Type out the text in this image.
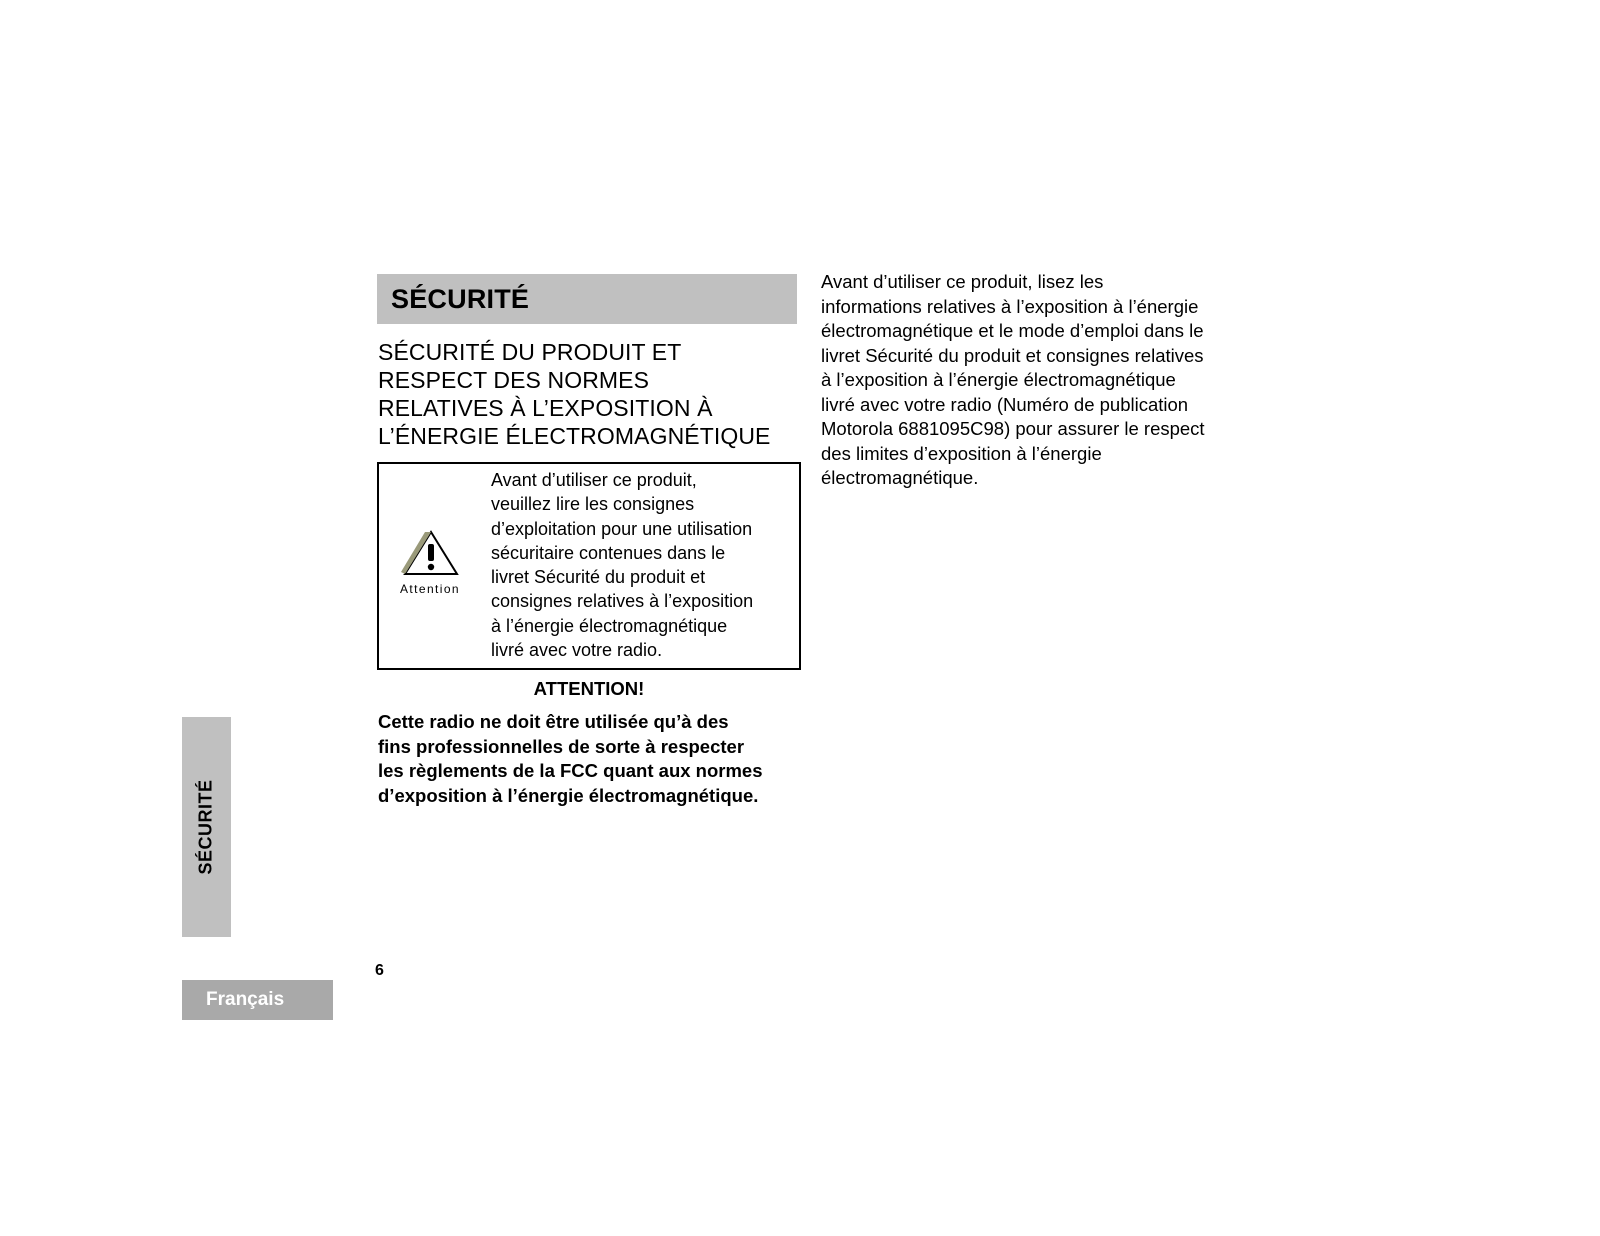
SÉCURITÉ
SÉCURITÉ DU PRODUIT ET
RESPECT DES NORMES
RELATIVES À L’EXPOSITION À
L’ÉNERGIE ÉLECTROMAGNÉTIQUE
Attention
Avant d’utiliser ce produit,
veuillez lire les consignes
d’exploitation pour une utilisation
sécuritaire contenues dans le
livret Sécurité du produit et
consignes relatives à l’exposition
à l’énergie électromagnétique
livré avec votre radio.
ATTENTION!

Cette radio ne doit être utilisée qu’à des
fins professionnelles de sorte à respecter
les règlements de la FCC quant aux normes
d’exposition à l’énergie électromagnétique.

Avant d’utiliser ce produit, lisez les
informations relatives à l’exposition à l’énergie
électromagnétique et le mode d’emploi dans le
livret Sécurité du produit et consignes relatives
à l’exposition à l’énergie électromagnétique
livré avec votre radio (Numéro de publication
Motorola 6881095C98) pour assurer le respect
des limites d’exposition à l’énergie
électromagnétique.

SÉCURITÉ
6
Français
